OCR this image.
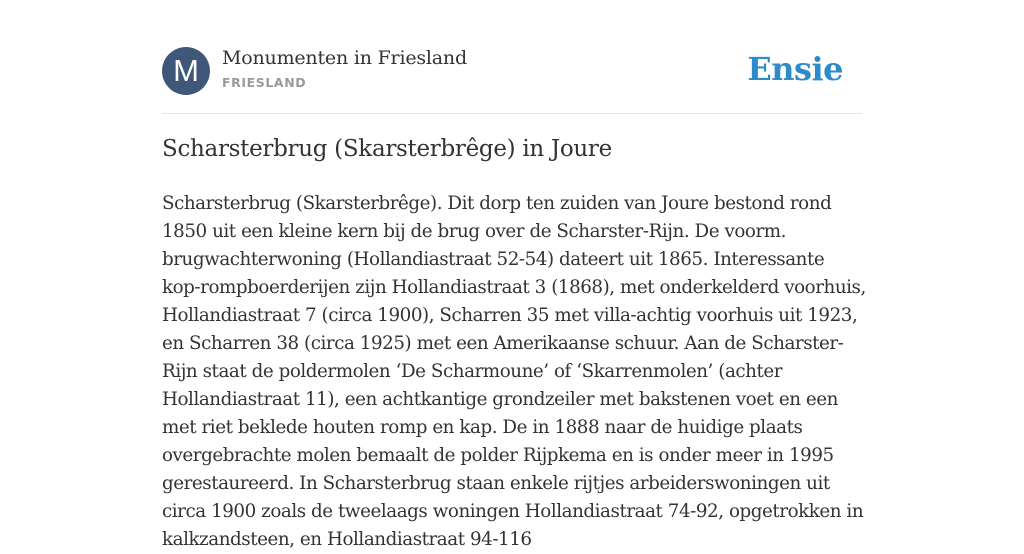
M	Monumenten in Friesland
FRIESLAND	Ensie
Scharsterbrug (Skarsterbrêge) in Joure

Scharsterbrug (Skarsterbrêge). Dit dorp ten zuiden van Joure bestond rond 1850 uit een kleine kern bij de brug over de Scharster-Rijn. De voorm. brugwachterwoning (Hollandiastraat 52-54) dateert uit 1865. Interessante kop-rompboerderijen zijn Hollandiastraat 3 (1868), met onderkelderd voorhuis, Hollandiastraat 7 (circa 1900), Scharren 35 met villa-achtig voorhuis uit 1923, en Scharren 38 (circa 1925) met een Amerikaanse schuur. Aan de Scharster-Rijn staat de poldermolen ‘De Scharmoune’ of ‘Skarrenmolen’ (achter Hollandiastraat 11), een achtkantige grondzeiler met bakstenen voet en een met riet beklede houten romp en kap. De in 1888 naar de huidige plaats overgebrachte molen bemaalt de polder Rijpkema en is onder meer in 1995 gerestaureerd. In Scharsterbrug staan enkele rijtjes arbeiderswoningen uit circa 1900 zoals de tweelaags woningen Hollandiastraat 74-92, opgetrokken in kalkzandsteen, en Hollandiastraat 94-116
